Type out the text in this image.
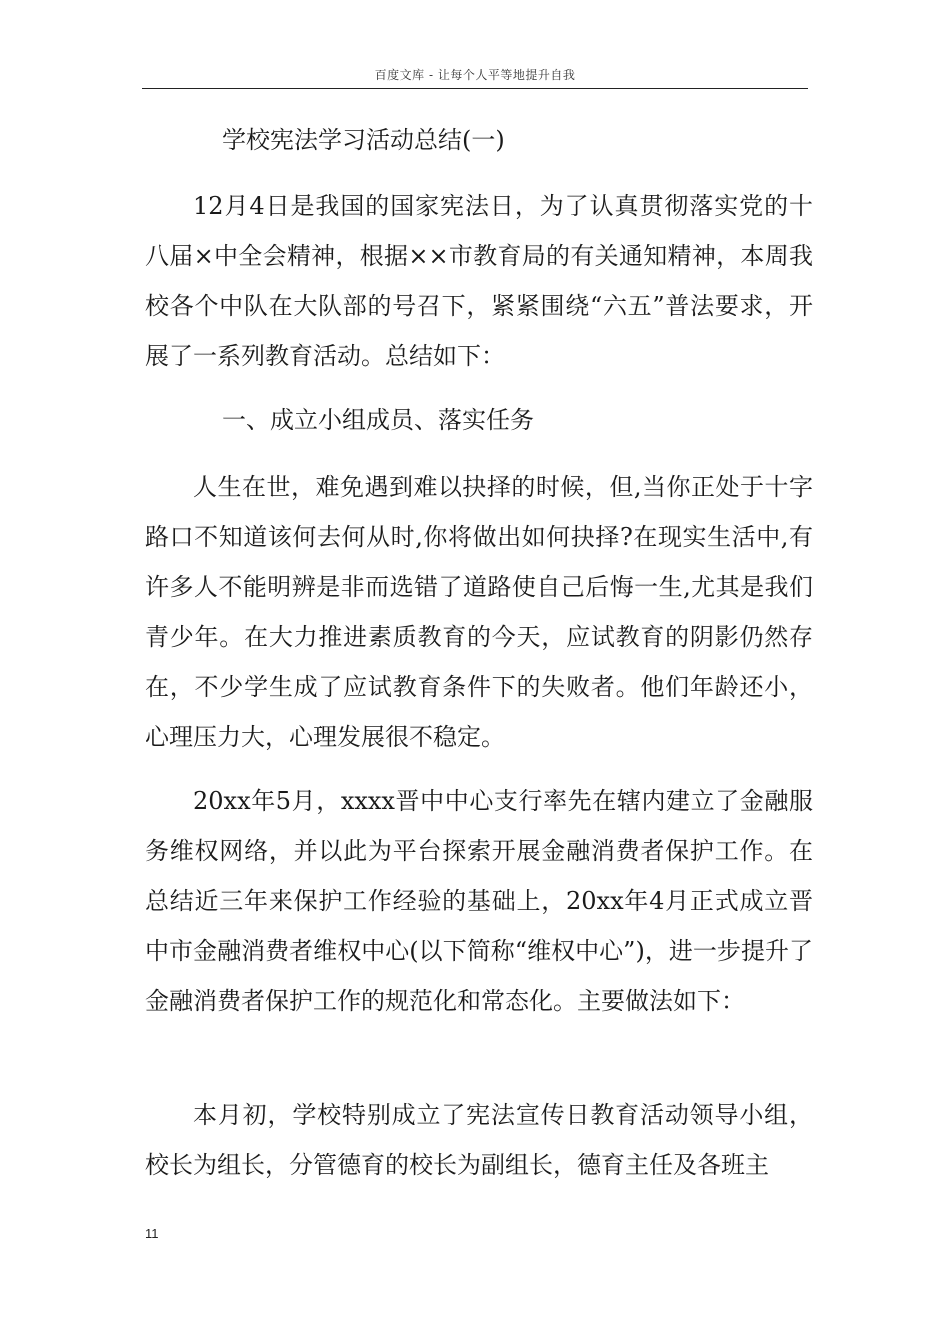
百度文库 - 让每个人平等地提升自我
学校宪法学习活动总结(一)

12月4日是我国的国家宪法日，为了认真贯彻落实党的十八届×中全会精神，根据××市教育局的有关通知精神，本周我校各个中队在大队部的号召下，紧紧围绕“六五”普法要求，开展了一系列教育活动。总结如下：

一、成立小组成员、落实任务

人生在世，难免遇到难以抉择的时候，但,当你正处于十字路口不知道该何去何从时,你将做出如何抉择?在现实生活中,有许多人不能明辨是非而选错了道路使自己后悔一生,尤其是我们青少年。在大力推进素质教育的今天，应试教育的阴影仍然存在，不少学生成了应试教育条件下的失败者。他们年龄还小，心理压力大，心理发展很不稳定。

20xx年5月，xxxx晋中中心支行率先在辖内建立了金融服务维权网络，并以此为平台探索开展金融消费者保护工作。在总结近三年来保护工作经验的基础上，20xx年4月正式成立晋中市金融消费者维权中心(以下简称“维权中心”)，进一步提升了金融消费者保护工作的规范化和常态化。主要做法如下：

本月初，学校特别成立了宪法宣传日教育活动领导小组，校长为组长，分管德育的校长为副组长，德育主任及各班主

11
